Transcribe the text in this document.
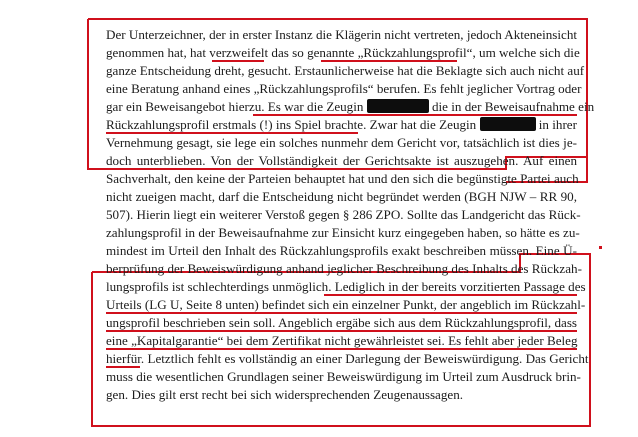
Der Unterzeichner, der in erster Instanz die Klägerin nicht vertreten, jedoch Akteneinsicht
genommen hat, hat verzweifelt das so genannte „Rückzahlungsprofil“, um welche sich die
ganze Entscheidung dreht, gesucht. Erstaunlicherweise hat die Beklagte sich auch nicht auf
eine Beratung anhand eines „Rückzahlungsprofils“ berufen. Es fehlt jeglicher Vortrag oder
gar ein Beweisangebot hierzu. Es war die Zeugin	die in der Beweisaufnahme ein
Rückzahlungsprofil erstmals (!) ins Spiel brachte. Zwar hat die Zeugin	in ihrer
Vernehmung gesagt, sie lege ein solches nunmehr dem Gericht vor, tatsächlich ist dies je-
doch unterblieben. Von der Vollständigkeit der Gerichtsakte ist auszugehen. Auf einen
Sachverhalt, den keine der Parteien behauptet hat und den sich die begünstigte Partei auch
nicht zueigen macht, darf die Entscheidung nicht begründet werden (BGH NJW – RR 90,
507). Hierin liegt ein weiterer Verstoß gegen § 286 ZPO. Sollte das Landgericht das Rück-
zahlungsprofil in der Beweisaufnahme zur Einsicht kurz eingegeben haben, so hätte es zu-
mindest im Urteil den Inhalt des Rückzahlungsprofils exakt beschreiben müssen. Eine Ü-
berprüfung der Beweiswürdigung anhand jeglicher Beschreibung des Inhalts des Rückzah-
lungsprofils ist schlechterdings unmöglich. Lediglich in der bereits vorzitierten Passage des
Urteils (LG U, Seite 8 unten) befindet sich ein einzelner Punkt, der angeblich im Rückzahl-
ungsprofil beschrieben sein soll. Angeblich ergäbe sich aus dem Rückzahlungsprofil, dass
eine „Kapitalgarantie“ bei dem Zertifikat nicht gewährleistet sei. Es fehlt aber jeder Beleg
hierfür. Letztlich fehlt es vollständig an einer Darlegung der Beweiswürdigung. Das Gericht
muss die wesentlichen Grundlagen seiner Beweiswürdigung im Urteil zum Ausdruck brin-
gen. Dies gilt erst recht bei sich widersprechenden Zeugenaussagen.
